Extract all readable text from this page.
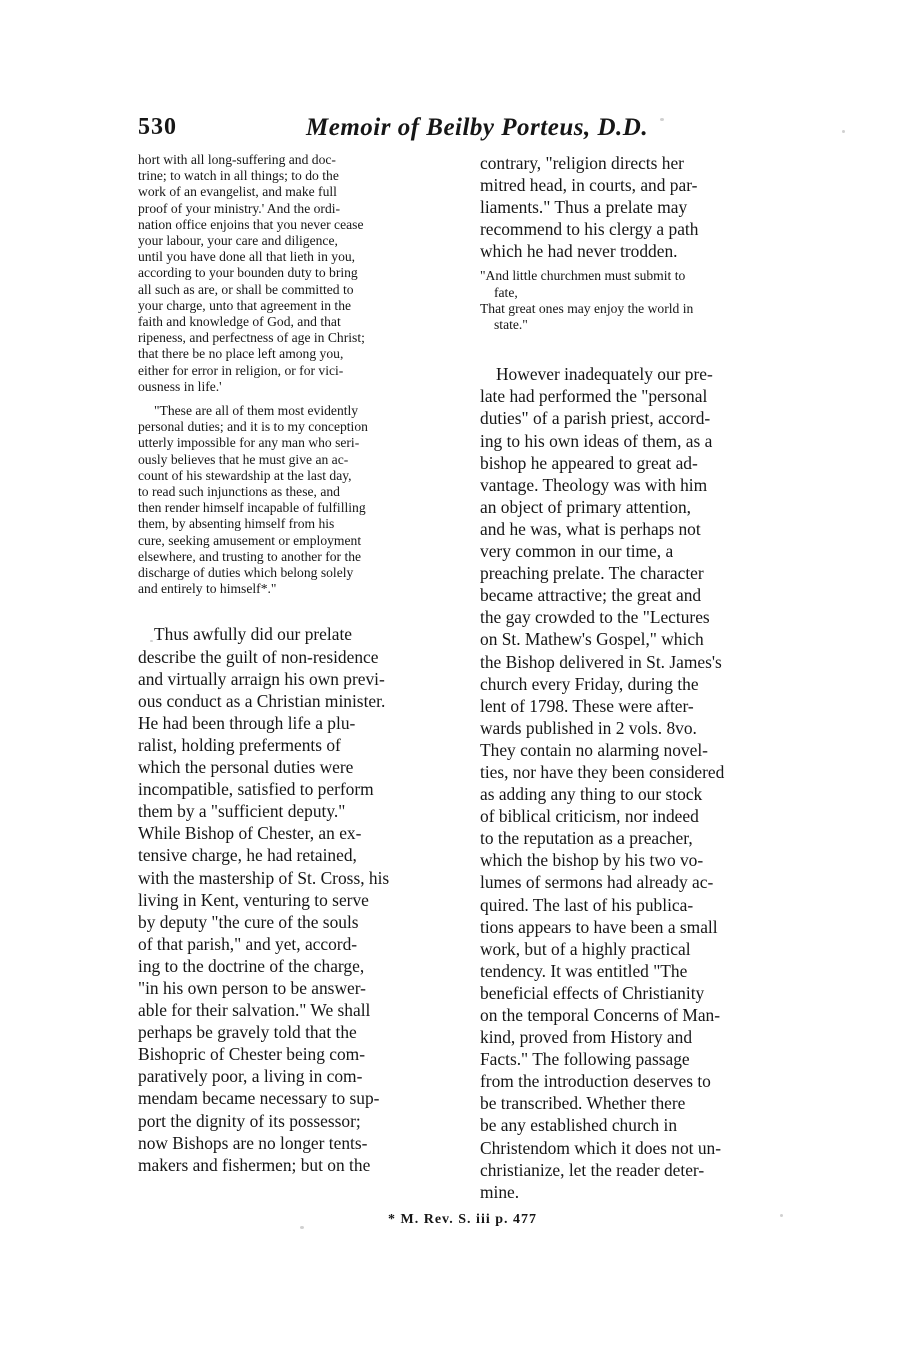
530	Memoir of Beilby Porteus, D.D.

hort with all long-suffering and doc-

trine; to watch in all things; to do the

work of an evangelist, and make full

proof of your ministry.' And the ordi-

nation office enjoins that you never cease

your labour, your care and diligence,

until you have done all that lieth in you,

according to your bounden duty to bring

all such as are, or shall be committed to

your charge, unto that agreement in the

faith and knowledge of God, and that

ripeness, and perfectness of age in Christ;

that there be no place left among you,

either for error in religion, or for vici-

ousness in life.'

"These are all of them most evidently

personal duties; and it is to my conception

utterly impossible for any man who seri-

ously believes that he must give an ac-

count of his stewardship at the last day,

to read such injunctions as these, and

then render himself incapable of fulfilling

them, by absenting himself from his

cure, seeking amusement or employment

elsewhere, and trusting to another for the

discharge of duties which belong solely

and entirely to himself*."

Thus awfully did our prelate

describe the guilt of non-residence

and virtually arraign his own previ-

ous conduct as a Christian minister.

He had been through life a plu-

ralist, holding preferments of

which the personal duties were

incompatible, satisfied to perform

them by a "sufficient deputy."

While Bishop of Chester, an ex-

tensive charge, he had retained,

with the mastership of St. Cross, his

living in Kent, venturing to serve

by deputy "the cure of the souls

of that parish," and yet, accord-

ing to the doctrine of the charge,

"in his own person to be answer-

able for their salvation." We shall

perhaps be gravely told that the

Bishopric of Chester being com-

paratively poor, a living in com-

mendam became necessary to sup-

port the dignity of its possessor;

now Bishops are no longer tents-

makers and fishermen; but on the

contrary, "religion directs her

mitred head, in courts, and par-

liaments." Thus a prelate may

recommend to his clergy a path

which he had never trodden.

"And little churchmen must submit to

fate,

That great ones may enjoy the world in

state."

However inadequately our pre-

late had performed the "personal

duties" of a parish priest, accord-

ing to his own ideas of them, as a

bishop he appeared to great ad-

vantage. Theology was with him

an object of primary attention,

and he was, what is perhaps not

very common in our time, a

preaching prelate. The character

became attractive; the great and

the gay crowded to the "Lectures

on St. Mathew's Gospel," which

the Bishop delivered in St. James's

church every Friday, during the

lent of 1798. These were after-

wards published in 2 vols. 8vo.

They contain no alarming novel-

ties, nor have they been considered

as adding any thing to our stock

of biblical criticism, nor indeed

to the reputation as a preacher,

which the bishop by his two vo-

lumes of sermons had already ac-

quired. The last of his publica-

tions appears to have been a small

work, but of a highly practical

tendency. It was entitled "The

beneficial effects of Christianity

on the temporal Concerns of Man-

kind, proved from History and

Facts." The following passage

from the introduction deserves to

be transcribed. Whether there

be any established church in

Christendom which it does not un-

christianize, let the reader deter-

mine.

* M. Rev. S. iii p. 477
